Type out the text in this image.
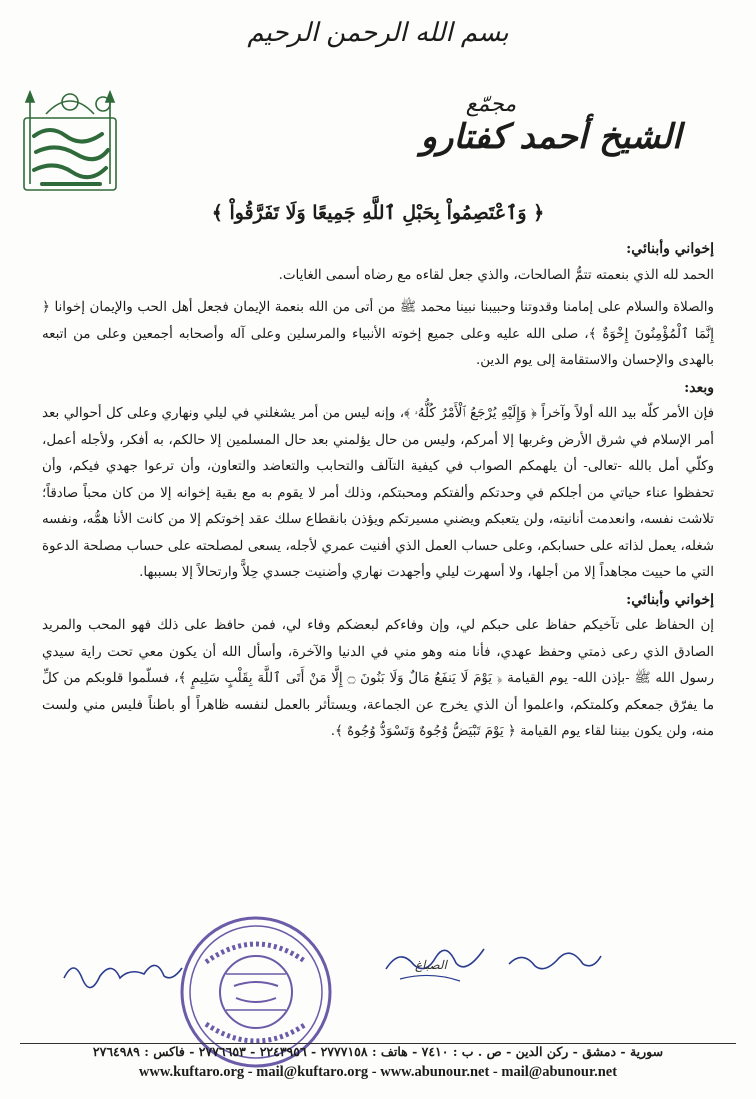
بسم الله الرحمن الرحيم
مجمّع
الشيخ أحمد كفتارو
﴿ وَٱعْتَصِمُواْ بِحَبْلِ ٱللَّهِ جَمِيعًا وَلَا تَفَرَّقُواْ ﴾

إخواني وأبنائي:

الحمد لله الذي بنعمته تتمُّ الصالحات، والذي جعل لقاءه مع رضاه أسمى الغايات.

والصلاة والسلام على إمامنا وقدوتنا وحبيبنا نبينا محمد ﷺ من أتى من الله بنعمة الإيمان فجعل أهل الحب والإيمان إخوانا ﴿ إِنَّمَا ٱلْمُؤْمِنُونَ إِخْوَةٌ ﴾، صلى الله عليه وعلى جميع إخوته الأنبياء والمرسلين وعلى آله وأصحابه أجمعين وعلى من اتبعه بالهدى والإحسان والاستقامة إلى يوم الدين.

وبعد:

فإن الأمر كلّه بيد الله أولاً وآخراً ﴿ وَإِلَيْهِ يُرْجَعُ ٱلْأَمْرُ كُلُّهُۥ ﴾، وإنه ليس من أمر يشغلني في ليلي ونهاري وعلى كل أحوالي بعد أمر الإسلام في شرق الأرض وغربها إلا أمركم، وليس من حال يؤلمني بعد حال المسلمين إلا حالكم، به أفكر، ولأجله أعمل، وكلّي أمل بالله -تعالى- أن يلهمكم الصواب في كيفية التآلف والتحابب والتعاضد والتعاون، وأن ترعوا جهدي فيكم، وأن تحفظوا عناء حياتي من أجلكم في وحدتكم وألفتكم ومحبتكم، وذلك أمر لا يقوم به مع بقية إخوانه إلا من كان محباً صادقاً؛ تلاشت نفسه، وانعدمت أنانيته، ولن يتعبكم ويضني مسيرتكم ويؤذن بانقطاع سلك عقد إخوتكم إلا من كانت الأنا همُّه، ونفسه شغله، يعمل لذاته على حسابكم، وعلى حساب العمل الذي أفنيت عمري لأجله، يسعى لمصلحته على حساب مصلحة الدعوة التي ما حييت مجاهداً إلا من أجلها، ولا أسهرت ليلي وأجهدت نهاري وأضنيت جسدي حِلاًّ وارتحالاً إلا بسببها.

إخواني وأبنائي:

إن الحفاظ على تآخيكم حفاظ على حبكم لي، وإن وفاءكم لبعضكم وفاء لي، فمن حافظ على ذلك فهو المحب والمريد الصادق الذي رعى ذمتي وحفظ عهدي، فأنا منه وهو مني في الدنيا والآخرة، وأسأل الله أن يكون معي تحت راية سيدي رسول الله ﷺ -بإذن الله- يوم القيامة ﴿ يَوْمَ لَا يَنفَعُ مَالٌ وَلَا بَنُونَ ۝ إِلَّا مَنْ أَتَى ٱللَّهَ بِقَلْبٍ سَلِيمٍ ﴾، فسلّموا قلوبكم من كلِّ ما يفرّق جمعكم وكلمتكم، واعلموا أن الذي يخرج عن الجماعة، ويستأثر بالعمل لنفسه ظاهراً أو باطناً فليس مني ولست منه، ولن يكون بيننا لقاء يوم القيامة ﴿ يَوْمَ تَبْيَضُّ وُجُوهٌ وَتَسْوَدُّ وُجُوهٌ ﴾.

الصباغ
سورية - دمشق - ركن الدين - ص . ب : ٧٤١٠ - هاتف : ٢٧٧٧١٥٨ - ٢٢٤٣٩٥٦ - ٢٧٧٦٦٥٣ - فاكس : ٢٧٦٤٩٨٩
www.kuftaro.org - mail@kuftaro.org - www.abunour.net - mail@abunour.net
